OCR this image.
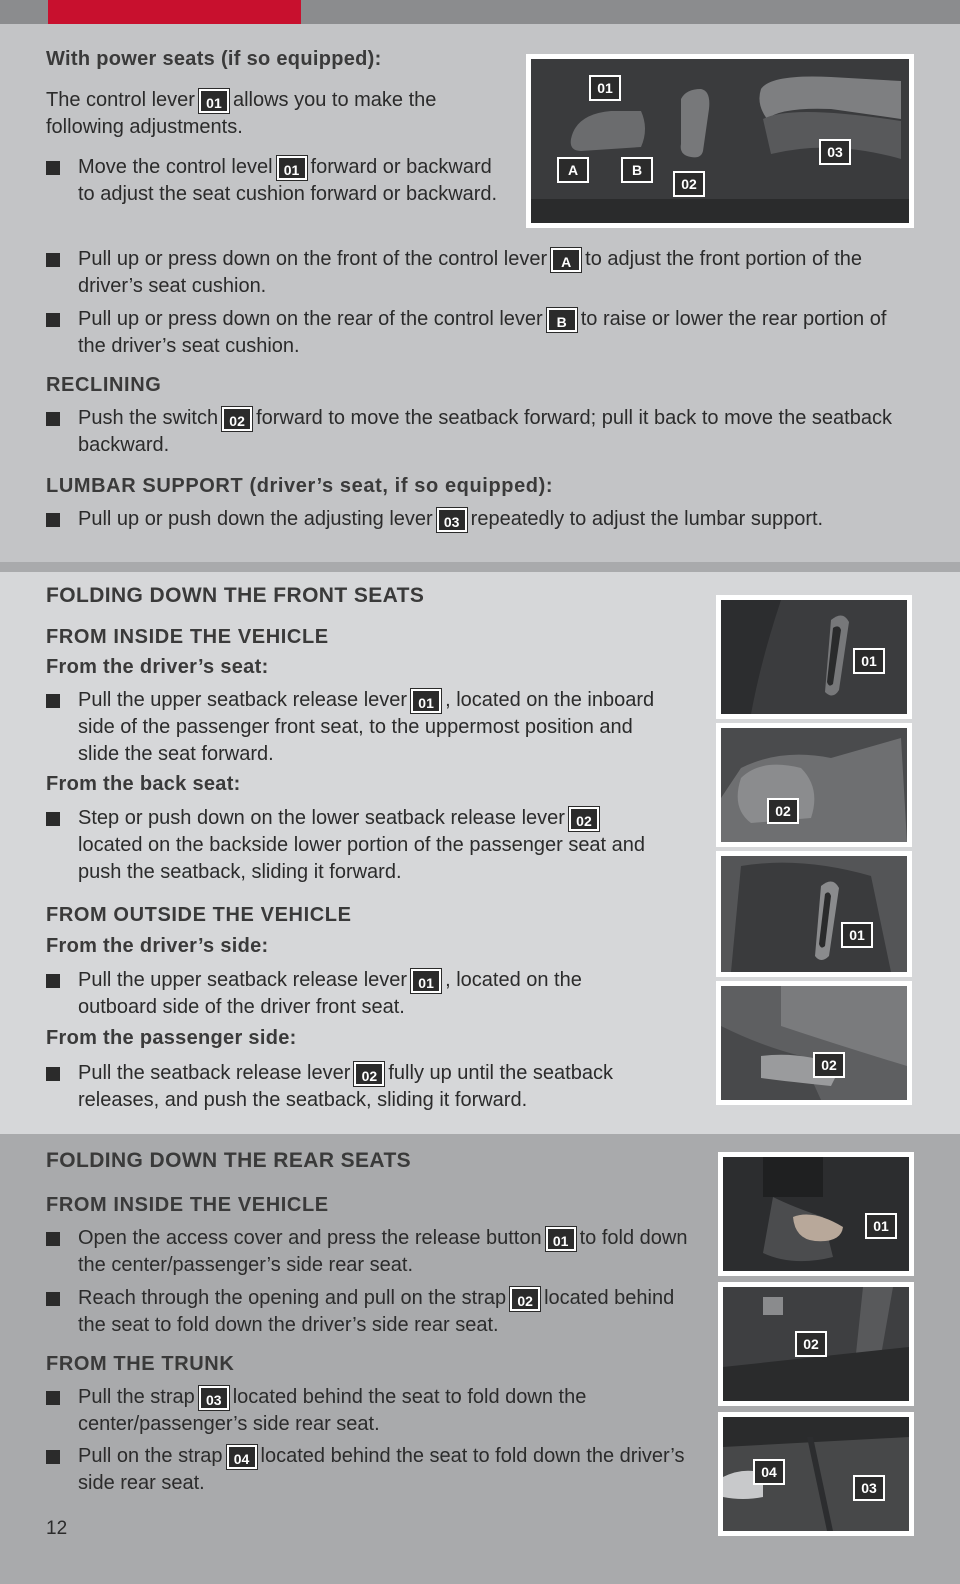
With power seats (if so equipped):
The control lever 01 allows you to make the following adjustments.
Move the control level 01 forward or backward to adjust the seat cushion forward or backward.
Pull up or press down on the front of the control lever A to adjust the front portion of the driver’s seat cushion.
Pull up or press down on the rear of the control lever B to raise or lower the rear portion of the driver’s seat cushion.
01
A	B
02
03
RECLINING
Push the switch 02 forward to move the seatback forward; pull it back to move the seatback backward.
LUMBAR SUPPORT (driver’s seat, if so equipped):
Pull up or push down the adjusting lever 03 repeatedly to adjust the lumbar support.
FOLDING DOWN THE FRONT SEATS
FROM INSIDE THE VEHICLE
From the driver’s seat:
Pull the upper seatback release lever 01 , located on the inboard side of the passenger front seat, to the uppermost position and slide the seat forward.
From the back seat:
Step or push down on the lower seatback release lever 02located on the backside lower portion of the passenger seat and push the seatback, sliding it forward.
FROM OUTSIDE THE VEHICLE
From the driver’s side:
Pull the upper seatback release lever 01 , located on the outboard side of the driver front seat.
From the passenger side:
Pull the seatback release lever 02 fully up until the seatback releases, and push the seatback, sliding it forward.
01
02
01
02
FOLDING DOWN THE REAR SEATS
FROM INSIDE THE VEHICLE
Open the access cover and press the release button 01 to fold down the center/passenger’s side rear seat.
Reach through the opening and pull on the strap 02 located behind the seat to fold down the driver’s side rear seat.
FROM THE TRUNK
Pull the strap 03 located behind the seat to fold down the center/passenger’s side rear seat.
Pull on the strap 04 located behind the seat to fold down the driver’s side rear seat.
01
02
04
03
12
